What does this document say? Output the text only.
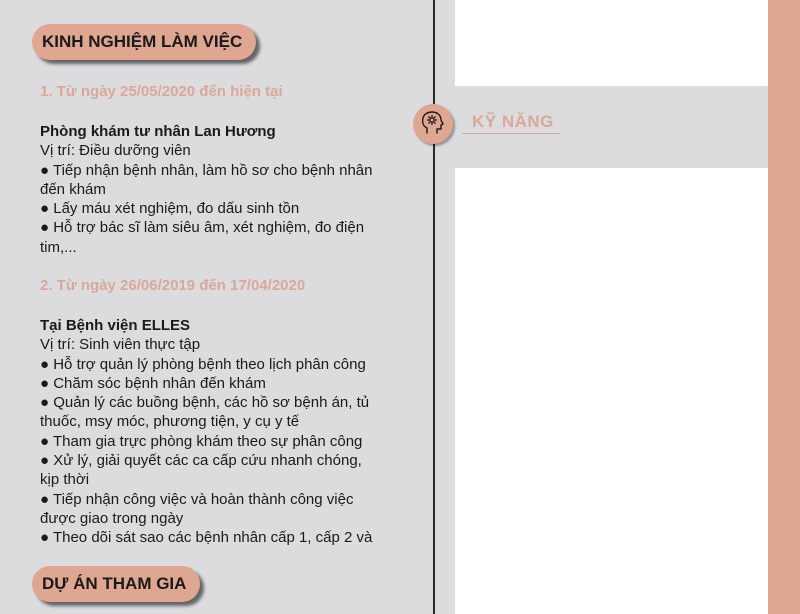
KINH NGHIỆM LÀM VIỆC
1. Từ ngày 25/05/2020 đến hiện tại

Phòng khám tư nhân Lan Hương

Vị trí: Điều dưỡng viên

● Tiếp nhận bệnh nhân, làm hồ sơ cho bệnh nhân

đến khám

● Lấy máu xét nghiệm, đo dấu sinh tồn

● Hỗ trợ bác sĩ làm siêu âm, xét nghiệm, đo điện

tim,...

2. Từ ngày 26/06/2019 đến 17/04/2020

Tại Bệnh viện ELLES

Vị trí: Sinh viên thực tập

● Hỗ trợ quản lý phòng bệnh theo lịch phân công

● Chăm sóc bệnh nhân đến khám

● Quản lý các buồng bệnh, các hồ sơ bệnh án, tủ

thuốc, msy móc, phương tiện, y cụ y tế

● Tham gia trực phòng khám theo sự phân công

● Xử lý, giải quyết các ca cấp cứu nhanh chóng,

kịp thời

● Tiếp nhận công việc và hoàn thành công việc

được giao trong ngày

● Theo dõi sát sao các bệnh nhân cấp 1, cấp 2 và

DỰ ÁN THAM GIA
KỸ NĂNG
